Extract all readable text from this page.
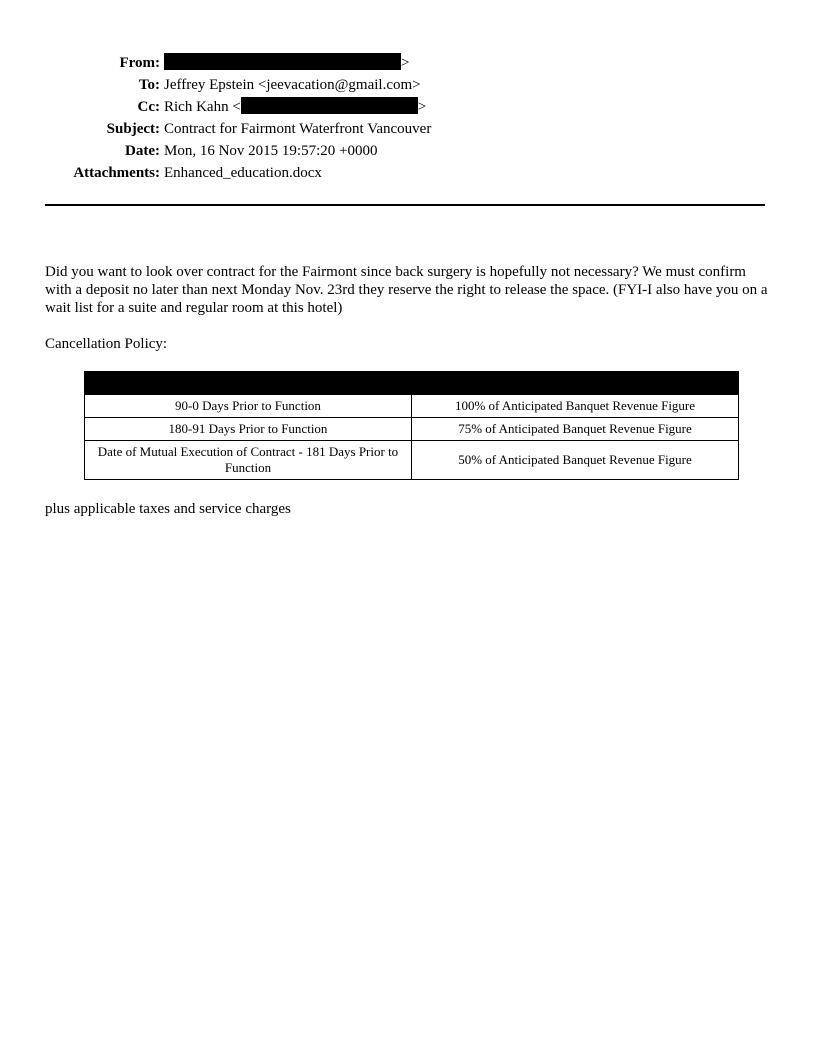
From:	>
To: Jeffrey Epstein <jeevacation@gmail.com>
Cc: Rich Kahn <	>
Subject: Contract for Fairmont Waterfront Vancouver
Date: Mon, 16 Nov 2015 19:57:20 +0000
Attachments: Enhanced_education.docx

Did you want to look over contract for the Fairmont since back surgery is hopefully not necessary? We must confirm with a deposit no later than next Monday Nov. 23rd they reserve the right to release the space. (FYI-I also have you on a wait list for a suite and regular room at this hotel)

Cancellation Policy:

90-0 Days Prior to Function	100% of Anticipated Banquet Revenue Figure
180-91 Days Prior to Function	75% of Anticipated Banquet Revenue Figure
Date of Mutual Execution of Contract - 181 Days Prior to Function	50% of Anticipated Banquet Revenue Figure
plus applicable taxes and service charges
